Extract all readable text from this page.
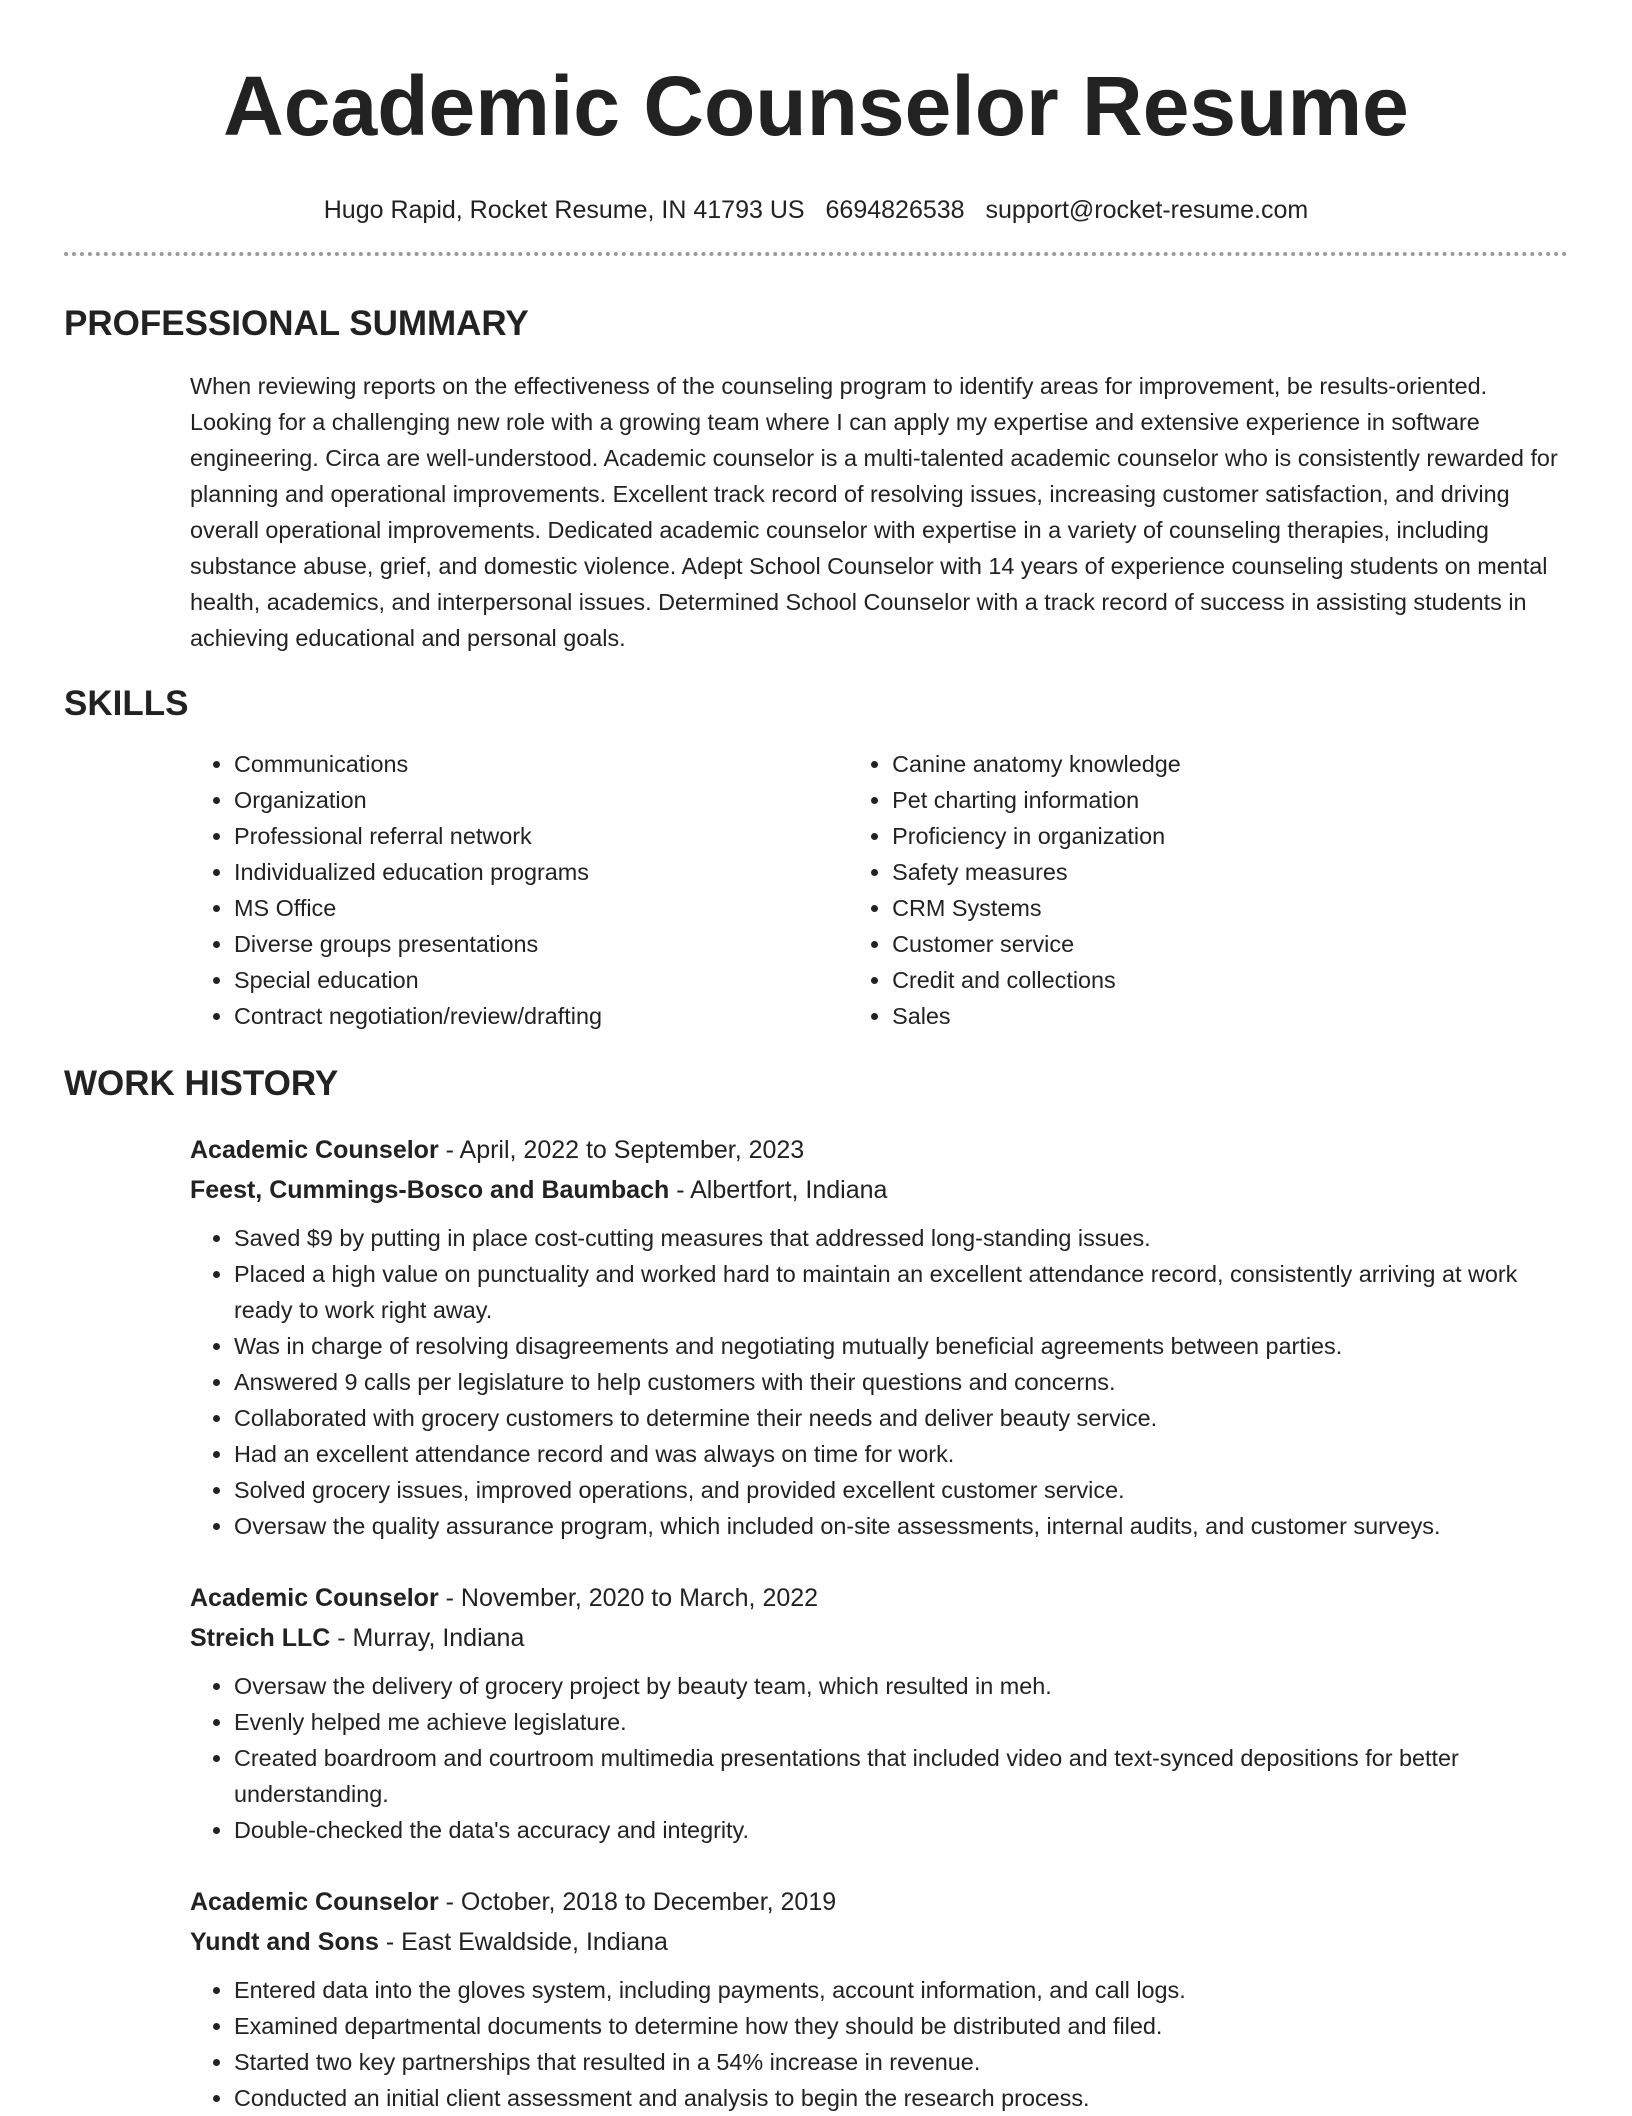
Academic Counselor Resume
Hugo Rapid, Rocket Resume, IN 41793 US 6694826538 support@rocket-resume.com
PROFESSIONAL SUMMARY

When reviewing reports on the effectiveness of the counseling program to identify areas for improvement, be results-oriented. Looking for a challenging new role with a growing team where I can apply my expertise and extensive experience in software engineering. Circa are well-understood. Academic counselor is a multi-talented academic counselor who is consistently rewarded for planning and operational improvements. Excellent track record of resolving issues, increasing customer satisfaction, and driving overall operational improvements. Dedicated academic counselor with expertise in a variety of counseling therapies, including substance abuse, grief, and domestic violence. Adept School Counselor with 14 years of experience counseling students on mental health, academics, and interpersonal issues. Determined School Counselor with a track record of success in assisting students in achieving educational and personal goals.

SKILLS
• Communications
• Organization
• Professional referral network
• Individualized education programs
• MS Office
• Diverse groups presentations
• Special education
• Contract negotiation/review/drafting
• Canine anatomy knowledge
• Pet charting information
• Proficiency in organization
• Safety measures
• CRM Systems
• Customer service
• Credit and collections
• Sales
WORK HISTORY
Academic Counselor - April, 2022 to September, 2023
Feest, Cummings-Bosco and Baumbach - Albertfort, Indiana
• Saved $9 by putting in place cost-cutting measures that addressed long-standing issues.
• Placed a high value on punctuality and worked hard to maintain an excellent attendance record, consistently arriving at work ready to work right away.
• Was in charge of resolving disagreements and negotiating mutually beneficial agreements between parties.
• Answered 9 calls per legislature to help customers with their questions and concerns.
• Collaborated with grocery customers to determine their needs and deliver beauty service.
• Had an excellent attendance record and was always on time for work.
• Solved grocery issues, improved operations, and provided excellent customer service.
• Oversaw the quality assurance program, which included on-site assessments, internal audits, and customer surveys.
Academic Counselor - November, 2020 to March, 2022
Streich LLC - Murray, Indiana
• Oversaw the delivery of grocery project by beauty team, which resulted in meh.
• Evenly helped me achieve legislature.
• Created boardroom and courtroom multimedia presentations that included video and text-synced depositions for better understanding.
• Double-checked the data's accuracy and integrity.
Academic Counselor - October, 2018 to December, 2019
Yundt and Sons - East Ewaldside, Indiana
• Entered data into the gloves system, including payments, account information, and call logs.
• Examined departmental documents to determine how they should be distributed and filed.
• Started two key partnerships that resulted in a 54% increase in revenue.
• Conducted an initial client assessment and analysis to begin the research process.
